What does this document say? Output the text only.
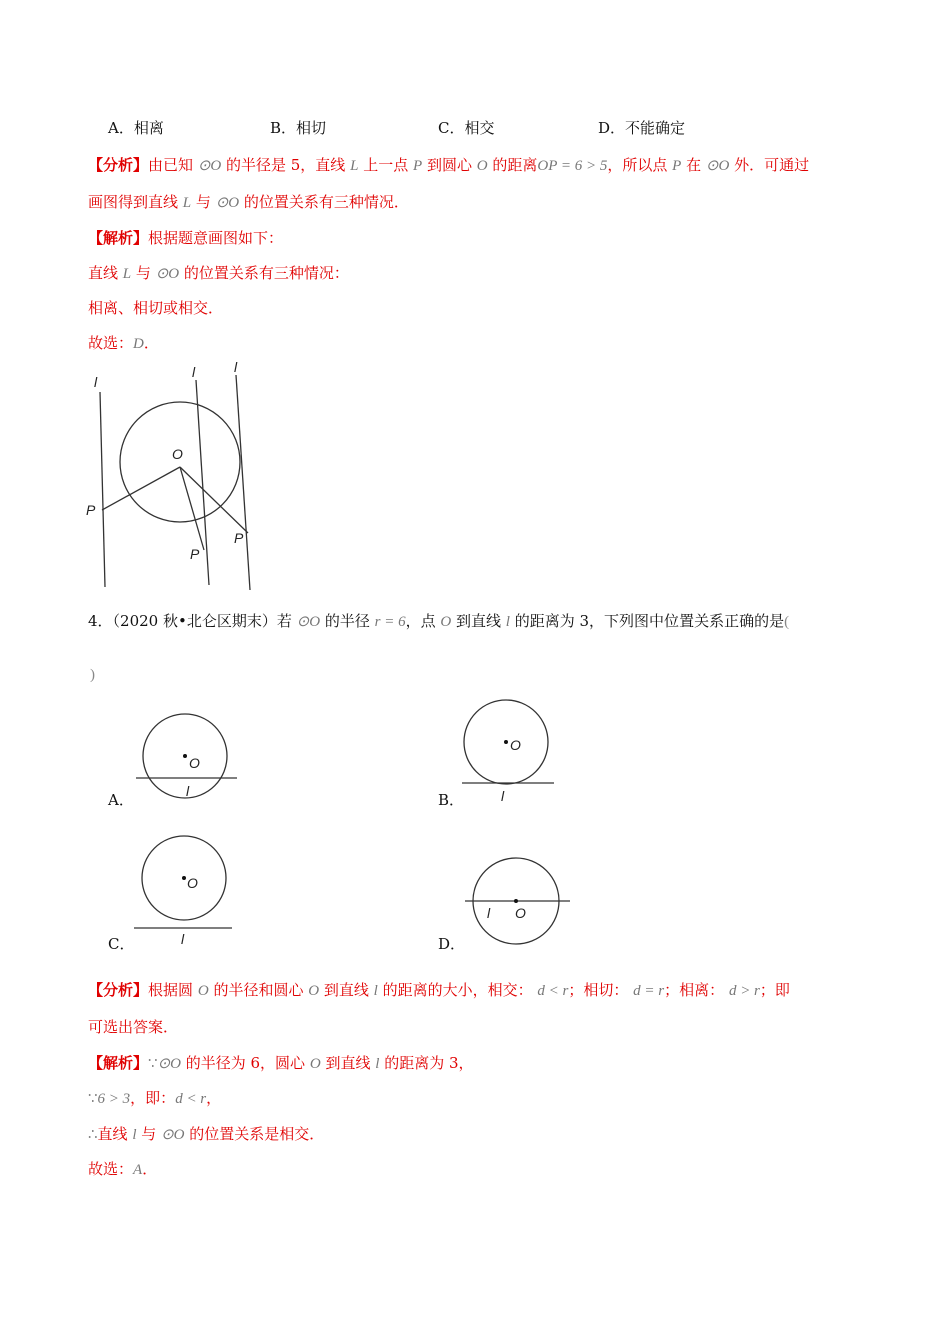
A．相离	B．相切	C．相交	D．不能确定
【分析】由已知 ⊙O 的半径是 5，直线 L 上一点 P 到圆心 O 的距离OP = 6 > 5，所以点 P 在 ⊙O 外．可通过
画图得到直线 L 与 ⊙O 的位置关系有三种情况．
【解析】根据题意画图如下：
直线 L 与 ⊙O 的位置关系有三种情况：
相离、相切或相交．
故选：D．
l
l	l
O
P
P
P
4．（2020 秋•北仑区期末）若 ⊙O 的半径 r = 6，点 O 到直线 l 的距离为 3，下列图中位置关系正确的是(
)
A．
O
l	B．
O
l
C．
O
l	D．
O
l
【分析】根据圆 O 的半径和圆心 O 到直线 l 的距离的大小，相交： d < r；相切： d = r；相离： d > r；即
可选出答案．
【解析】∵⊙O 的半径为 6，圆心 O 到直线 l 的距离为 3，
∵6 > 3，即：d < r，
∴直线 l 与 ⊙O 的位置关系是相交．
故选：A．
